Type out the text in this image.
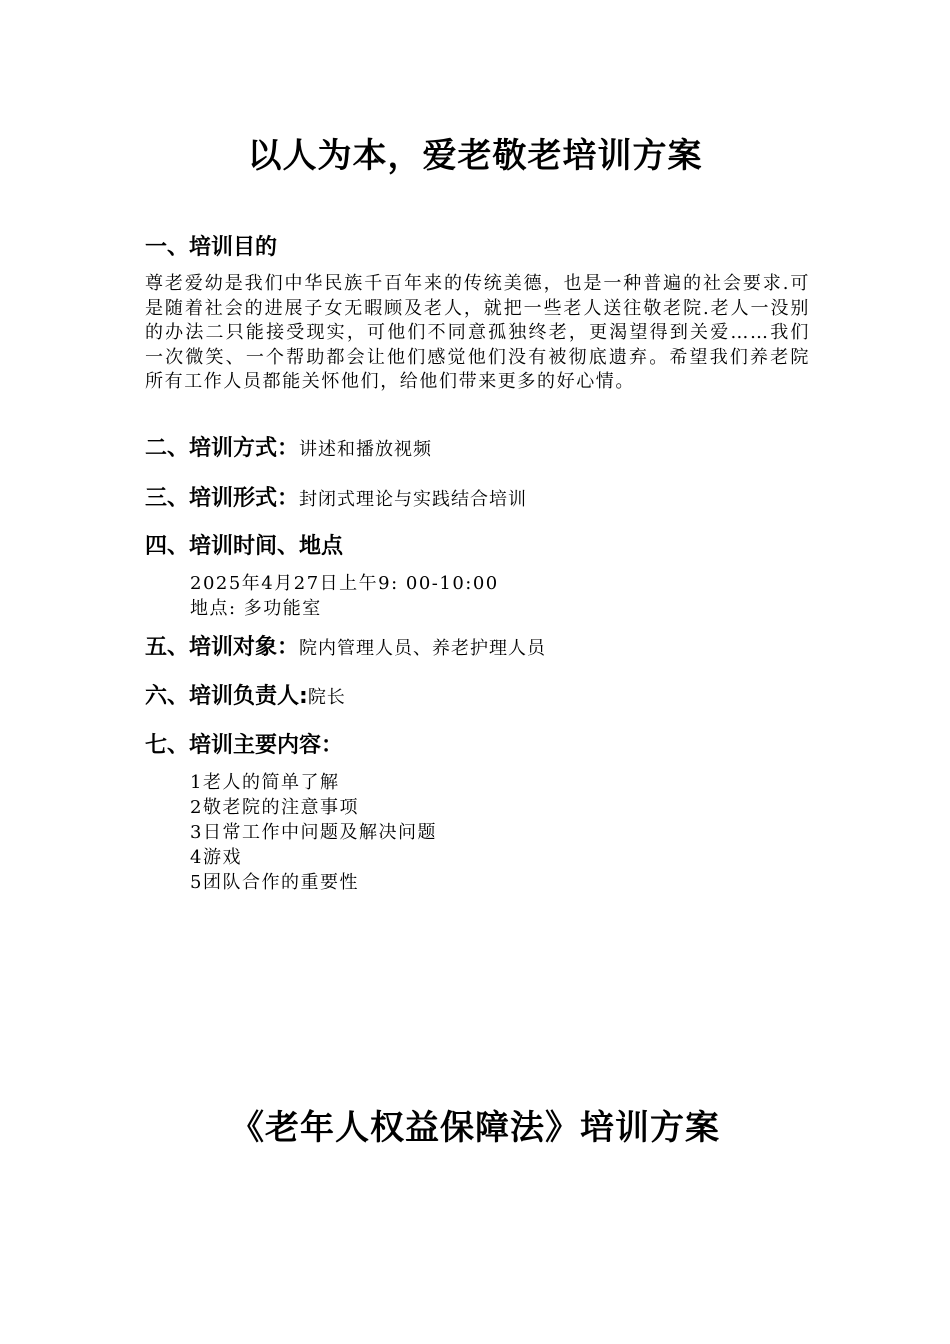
以人为本，爱老敬老培训方案
一、培训目的

尊老爱幼是我们中华民族千百年来的传统美德，也是一种普遍的社会要求.可是随着社会的进展子女无暇顾及老人，就把一些老人送往敬老院.老人一没别的办法二只能接受现实，可他们不同意孤独终老，更渴望得到关爱……我们一次微笑、一个帮助都会让他们感觉他们没有被彻底遗弃。希望我们养老院所有工作人员都能关怀他们，给他们带来更多的好心情。

二、培训方式：讲述和播放视频
三、培训形式：封闭式理论与实践结合培训
四、培训时间、地点
2025年4月27日上午9: 00-10:00
地点: 多功能室
五、培训对象：院内管理人员、养老护理人员
六、培训负责人:院长
七、培训主要内容：
1老人的简单了解
2敬老院的注意事项
3日常工作中问题及解决问题
4游戏
5团队合作的重要性
《老年人权益保障法》培训方案
